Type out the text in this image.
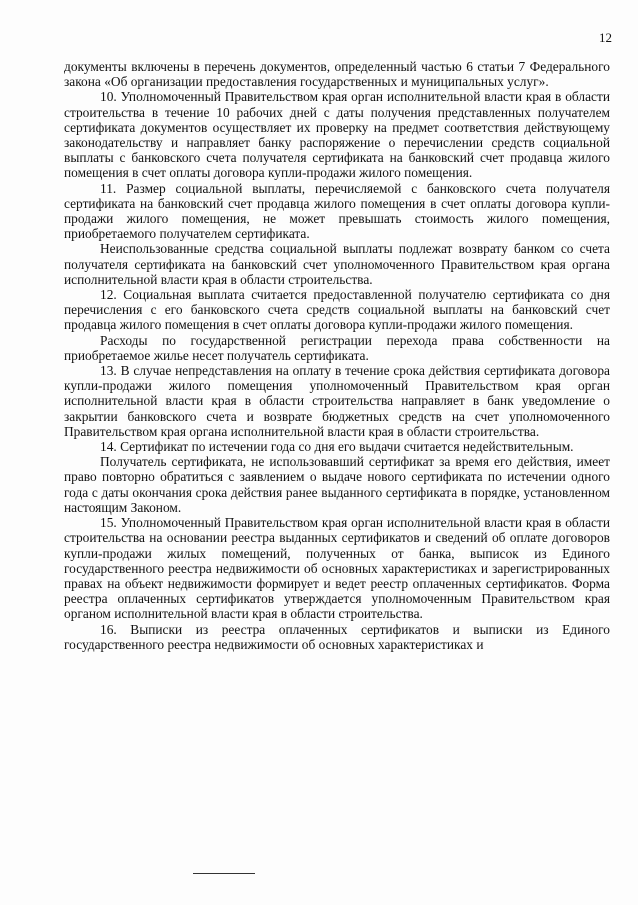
12

документы включены в перечень документов, определенный частью 6 статьи 7 Федерального закона «Об организации предоставления государственных и муниципальных услуг».

10. Уполномоченный Правительством края орган исполнительной власти края в области строительства в течение 10 рабочих дней с даты получения представленных получателем сертификата документов осуществляет их проверку на предмет соответствия действующему законодательству и направляет банку распоряжение о перечислении средств социальной выплаты с банковского счета получателя сертификата на банковский счет продавца жилого помещения в счет оплаты договора купли-продажи жилого помещения.

11. Размер социальной выплаты, перечисляемой с банковского счета получателя сертификата на банковский счет продавца жилого помещения в счет оплаты договора купли-продажи жилого помещения, не может превышать стоимость жилого помещения, приобретаемого получателем сертификата.

Неиспользованные средства социальной выплаты подлежат возврату банком со счета получателя сертификата на банковский счет уполномоченного Правительством края органа исполнительной власти края в области строительства.

12. Социальная выплата считается предоставленной получателю сертификата со дня перечисления с его банковского счета средств социальной выплаты на банковский счет продавца жилого помещения в счет оплаты договора купли-продажи жилого помещения.

Расходы по государственной регистрации перехода права собственности на приобретаемое жилье несет получатель сертификата.

13. В случае непредставления на оплату в течение срока действия сертификата договора купли-продажи жилого помещения уполномоченный Правительством края орган исполнительной власти края в области строительства направляет в банк уведомление о закрытии банковского счета и возврате бюджетных средств на счет уполномоченного Правительством края органа исполнительной власти края в области строительства.

14. Сертификат по истечении года со дня его выдачи считается недействительным.

Получатель сертификата, не использовавший сертификат за время его действия, имеет право повторно обратиться с заявлением о выдаче нового сертификата по истечении одного года с даты окончания срока действия ранее выданного сертификата в порядке, установленном настоящим Законом.

15. Уполномоченный Правительством края орган исполнительной власти края в области строительства на основании реестра выданных сертификатов и сведений об оплате договоров купли-продажи жилых помещений, полученных от банка, выписок из Единого государственного реестра недвижимости об основных характеристиках и зарегистрированных правах на объект недвижимости формирует и ведет реестр оплаченных сертификатов. Форма реестра оплаченных сертификатов утверждается уполномоченным Правительством края органом исполнительной власти края в области строительства.

16. Выписки из реестра оплаченных сертификатов и выписки из Единого государственного реестра недвижимости об основных характеристиках и
